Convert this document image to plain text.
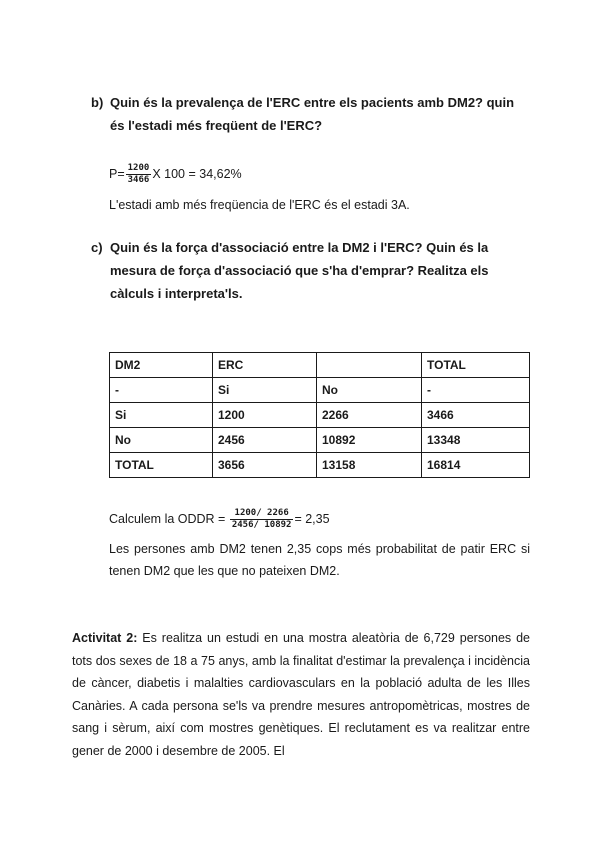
b) Quin és la prevalença de l'ERC entre els pacients amb DM2? quin és l'estadi més freqüent de l'ERC?
$P= \frac{1200}{3466}$ X 100 = 34,62%
L'estadi amb més freqüencia de l'ERC és el estadi 3A.
c) Quin és la força d'associació entre la DM2 i l'ERC? Quin és la mesura de força d'associació que s'ha d'emprar? Realitza els càlculs i interpreta'ls.
DM2	ERC		TOTAL
-	Si	No	-
Si	1200	2266	3466
No	2456	10892	13348
TOTAL	3656	13158	16814
Calculem la ODDR = $\frac{1200/ 2266}{2456/ 10892} = 2,35$
Les persones amb DM2 tenen 2,35 cops més probabilitat de patir ERC si tenen DM2 que les que no pateixen DM2.
Activitat 2: Es realitza un estudi en una mostra aleatòria de 6,729 persones de tots dos sexes de 18 a 75 anys, amb la finalitat d'estimar la prevalença i incidència de càncer, diabetis i malalties cardiovasculars en la població adulta de les Illes Canàries. A cada persona se'ls va prendre mesures antropomètricas, mostres de sang i sèrum, així com mostres genètiques. El reclutament es va realitzar entre gener de 2000 i desembre de 2005. El
